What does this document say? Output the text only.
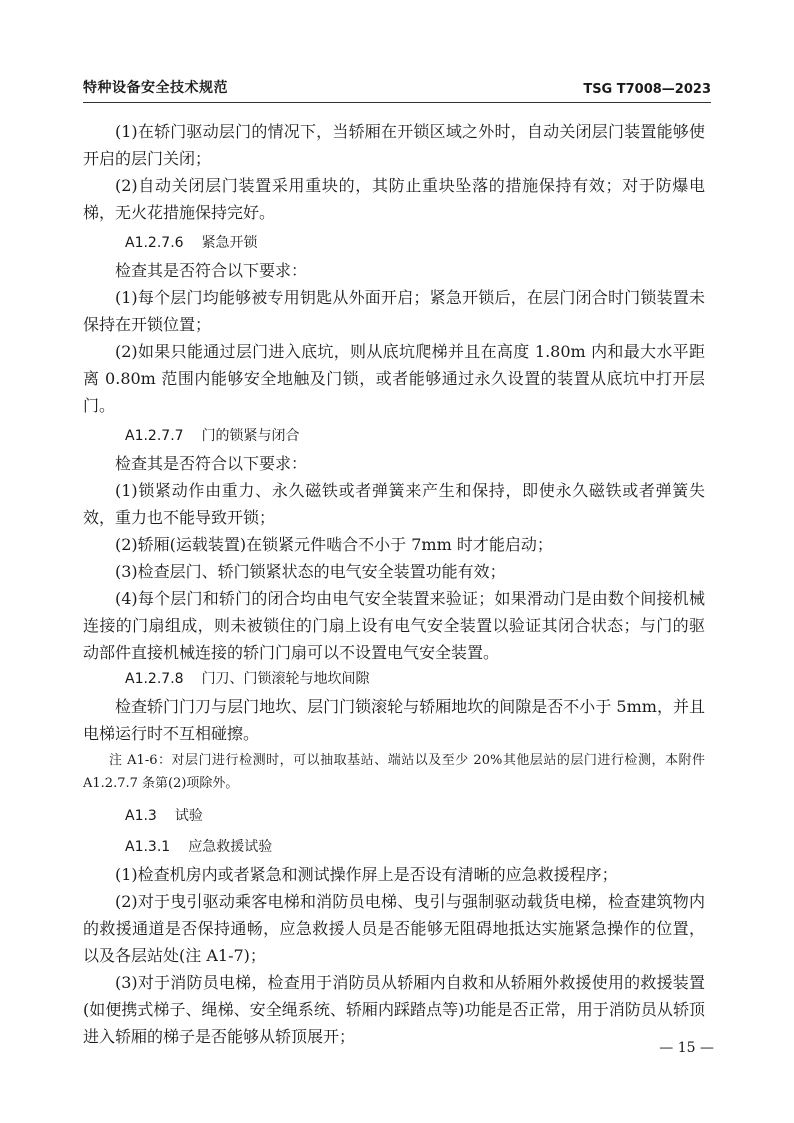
特种设备安全技术规范	TSG T7008—2023

(1)在轿门驱动层门的情况下，当轿厢在开锁区域之外时，自动关闭层门装置能够使开启的层门关闭；

(2)自动关闭层门装置采用重块的，其防止重块坠落的措施保持有效；对于防爆电梯，无火花措施保持完好。

A1.2.7.6 紧急开锁

检查其是否符合以下要求：

(1)每个层门均能够被专用钥匙从外面开启；紧急开锁后，在层门闭合时门锁装置未保持在开锁位置；

(2)如果只能通过层门进入底坑，则从底坑爬梯并且在高度 1.80m 内和最大水平距离 0.80m 范围内能够安全地触及门锁，或者能够通过永久设置的装置从底坑中打开层门。

A1.2.7.7 门的锁紧与闭合

检查其是否符合以下要求：

(1)锁紧动作由重力、永久磁铁或者弹簧来产生和保持，即使永久磁铁或者弹簧失效，重力也不能导致开锁；

(2)轿厢(运载装置)在锁紧元件啮合不小于 7mm 时才能启动；

(3)检查层门、轿门锁紧状态的电气安全装置功能有效；

(4)每个层门和轿门的闭合均由电气安全装置来验证；如果滑动门是由数个间接机械连接的门扇组成，则未被锁住的门扇上设有电气安全装置以验证其闭合状态；与门的驱动部件直接机械连接的轿门门扇可以不设置电气安全装置。

A1.2.7.8 门刀、门锁滚轮与地坎间隙

检查轿门门刀与层门地坎、层门门锁滚轮与轿厢地坎的间隙是否不小于 5mm，并且电梯运行时不互相碰擦。

注 A1-6：对层门进行检测时，可以抽取基站、端站以及至少 20%其他层站的层门进行检测，本附件 A1.2.7.7 条第(2)项除外。

A1.3 试验

A1.3.1 应急救援试验

(1)检查机房内或者紧急和测试操作屏上是否设有清晰的应急救援程序；

(2)对于曳引驱动乘客电梯和消防员电梯、曳引与强制驱动载货电梯，检查建筑物内的救援通道是否保持通畅，应急救援人员是否能够无阻碍地抵达实施紧急操作的位置，以及各层站处(注 A1-7)；

(3)对于消防员电梯，检查用于消防员从轿厢内自救和从轿厢外救援使用的救援装置(如便携式梯子、绳梯、安全绳系统、轿厢内踩踏点等)功能是否正常，用于消防员从轿顶进入轿厢的梯子是否能够从轿顶展开；

— 15 —
